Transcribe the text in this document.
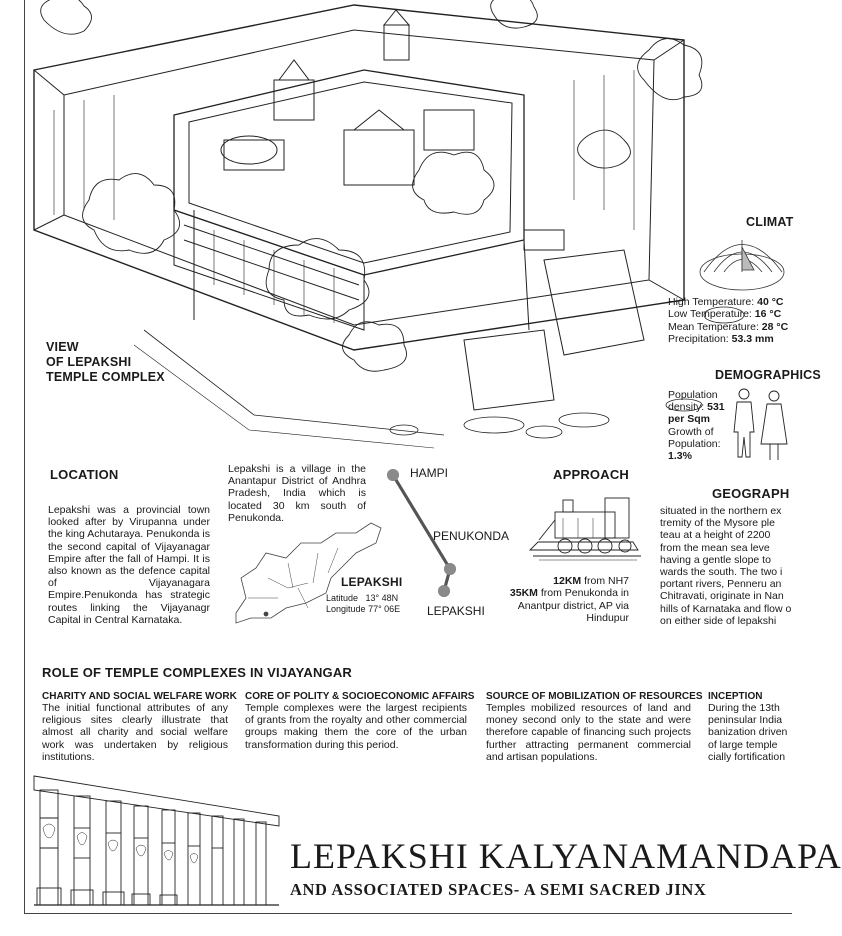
VIEW
OF LEPAKSHI
TEMPLE COMPLEX
CLIMAT
High Temperature: 40 °C
Low Temperature: 16 °C
Mean Temperature: 28 °C
Precipitation: 53.3 mm
DEMOGRAPHICS
Population
density: 531
per Sqm
Growth of
Population:
1.3%
LOCATION
Lepakshi was a provincial town looked after by Virupanna under the king Achutaraya. Penukonda is the second capital of Vijayanagar Empire after the fall of Hampi. It is also known as the defence capital of Vijayanagara Empire.Penukonda has strategic routes linking the Vijayanagr Capital in Central Karnataka.
Lepakshi is a village in the Anantapur District of Andhra Pradesh, India which is located 30 km south of Penukonda.
LEPAKSHI
Latitude 13° 48N
Longitude 77° 06E
HAMPI
PENUKONDA
LEPAKSHI
APPROACH
12KM from NH7
35KM from Penukonda in
Anantpur district, AP via
Hindupur
GEOGRAPH
situated in the northern ex
tremity of the Mysore ple
teau at a height of 2200
from the mean sea leve
having a gentle slope to
wards the south. The two i
portant rivers, Penneru an
Chitravati, originate in Nan
hills of Karnataka and flow o
on either side of lepakshi
ROLE OF TEMPLE COMPLEXES IN VIJAYANGAR
CHARITY AND SOCIAL WELFARE WORK
The initial functional attributes of any religious sites clearly illustrate that almost all charity and social welfare work was undertaken by religious institutions.
CORE OF POLITY & SOCIOECONOMIC AFFAIRS
Temple complexes were the largest recipients of grants from the royalty and other commercial groups making them the core of the urban transformation during this period.
SOURCE OF MOBILIZATION OF RESOURCES
Temples mobilized resources of land and money second only to the state and were therefore capable of financing such projects further attracting permanent commercial and artisan populations.
INCEPTION
During the 13th
peninsular India
banization driven
of large temple
cially fortification
LEPAKSHI KALYANAMANDAPA
AND ASSOCIATED SPACES- A SEMI SACRED JINX
